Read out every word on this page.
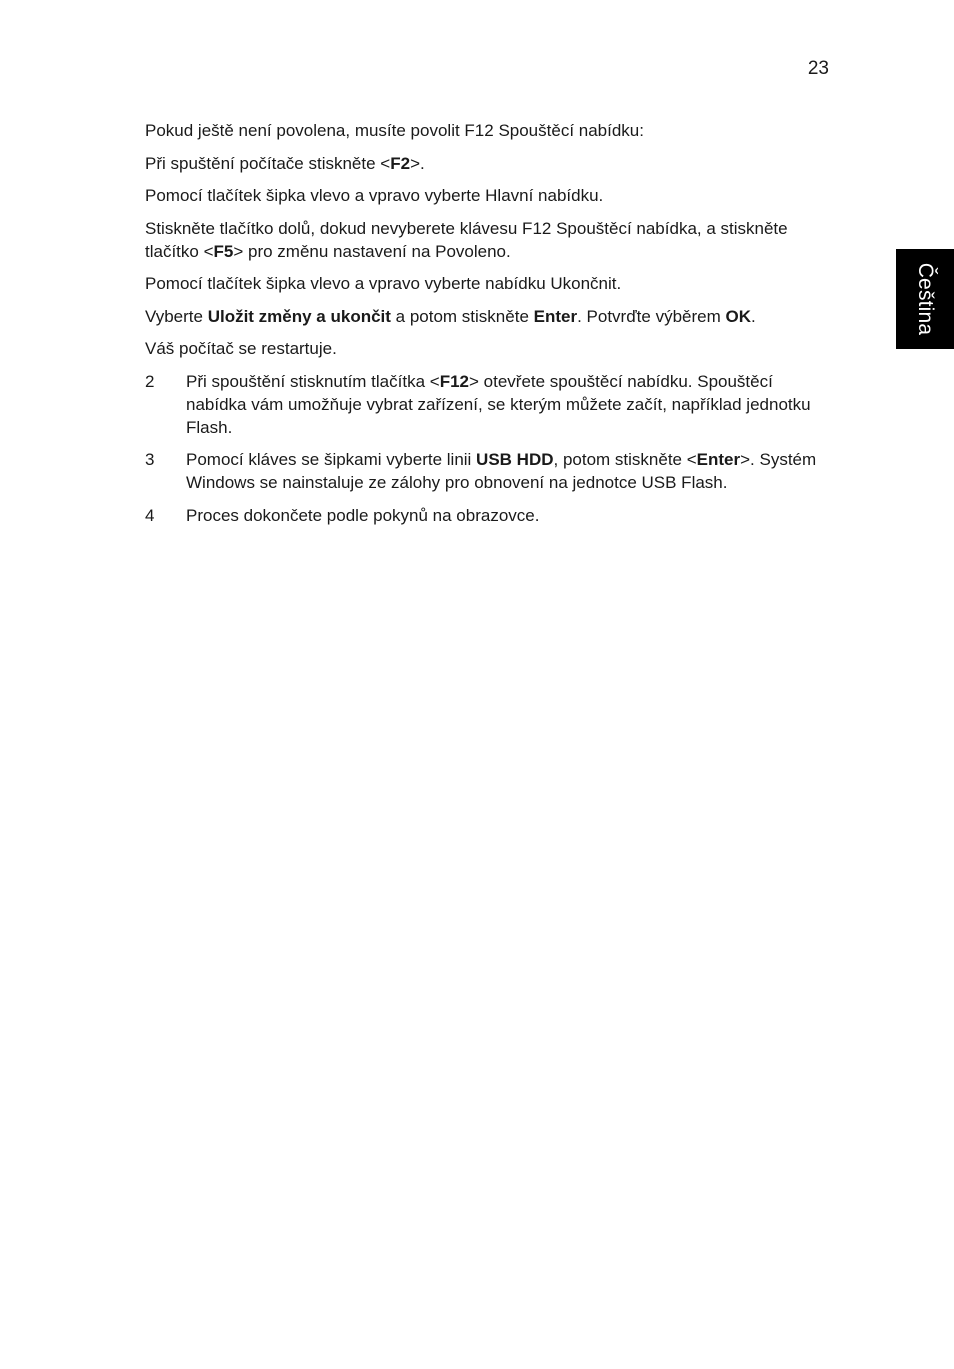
23
Čeština

Pokud ještě není povolena, musíte povolit F12 Spouštěcí nabídku:

Při spuštění počítače stiskněte <F2>.

Pomocí tlačítek šipka vlevo a vpravo vyberte Hlavní nabídku.

Stiskněte tlačítko dolů, dokud nevyberete klávesu F12 Spouštěcí nabídka, a stiskněte tlačítko <F5> pro změnu nastavení na Povoleno.

Pomocí tlačítek šipka vlevo a vpravo vyberte nabídku Ukončnit.

Vyberte Uložit změny a ukončit a potom stiskněte Enter. Potvrďte výběrem OK.

Váš počítač se restartuje.

2 Při spouštění stisknutím tlačítka <F12> otevřete spouštěcí nabídku. Spouštěcí nabídka vám umožňuje vybrat zařízení, se kterým můžete začít, například jednotku Flash.
3 Pomocí kláves se šipkami vyberte linii USB HDD, potom stiskněte <Enter>. Systém Windows se nainstaluje ze zálohy pro obnovení na jednotce USB Flash.
4 Proces dokončete podle pokynů na obrazovce.
